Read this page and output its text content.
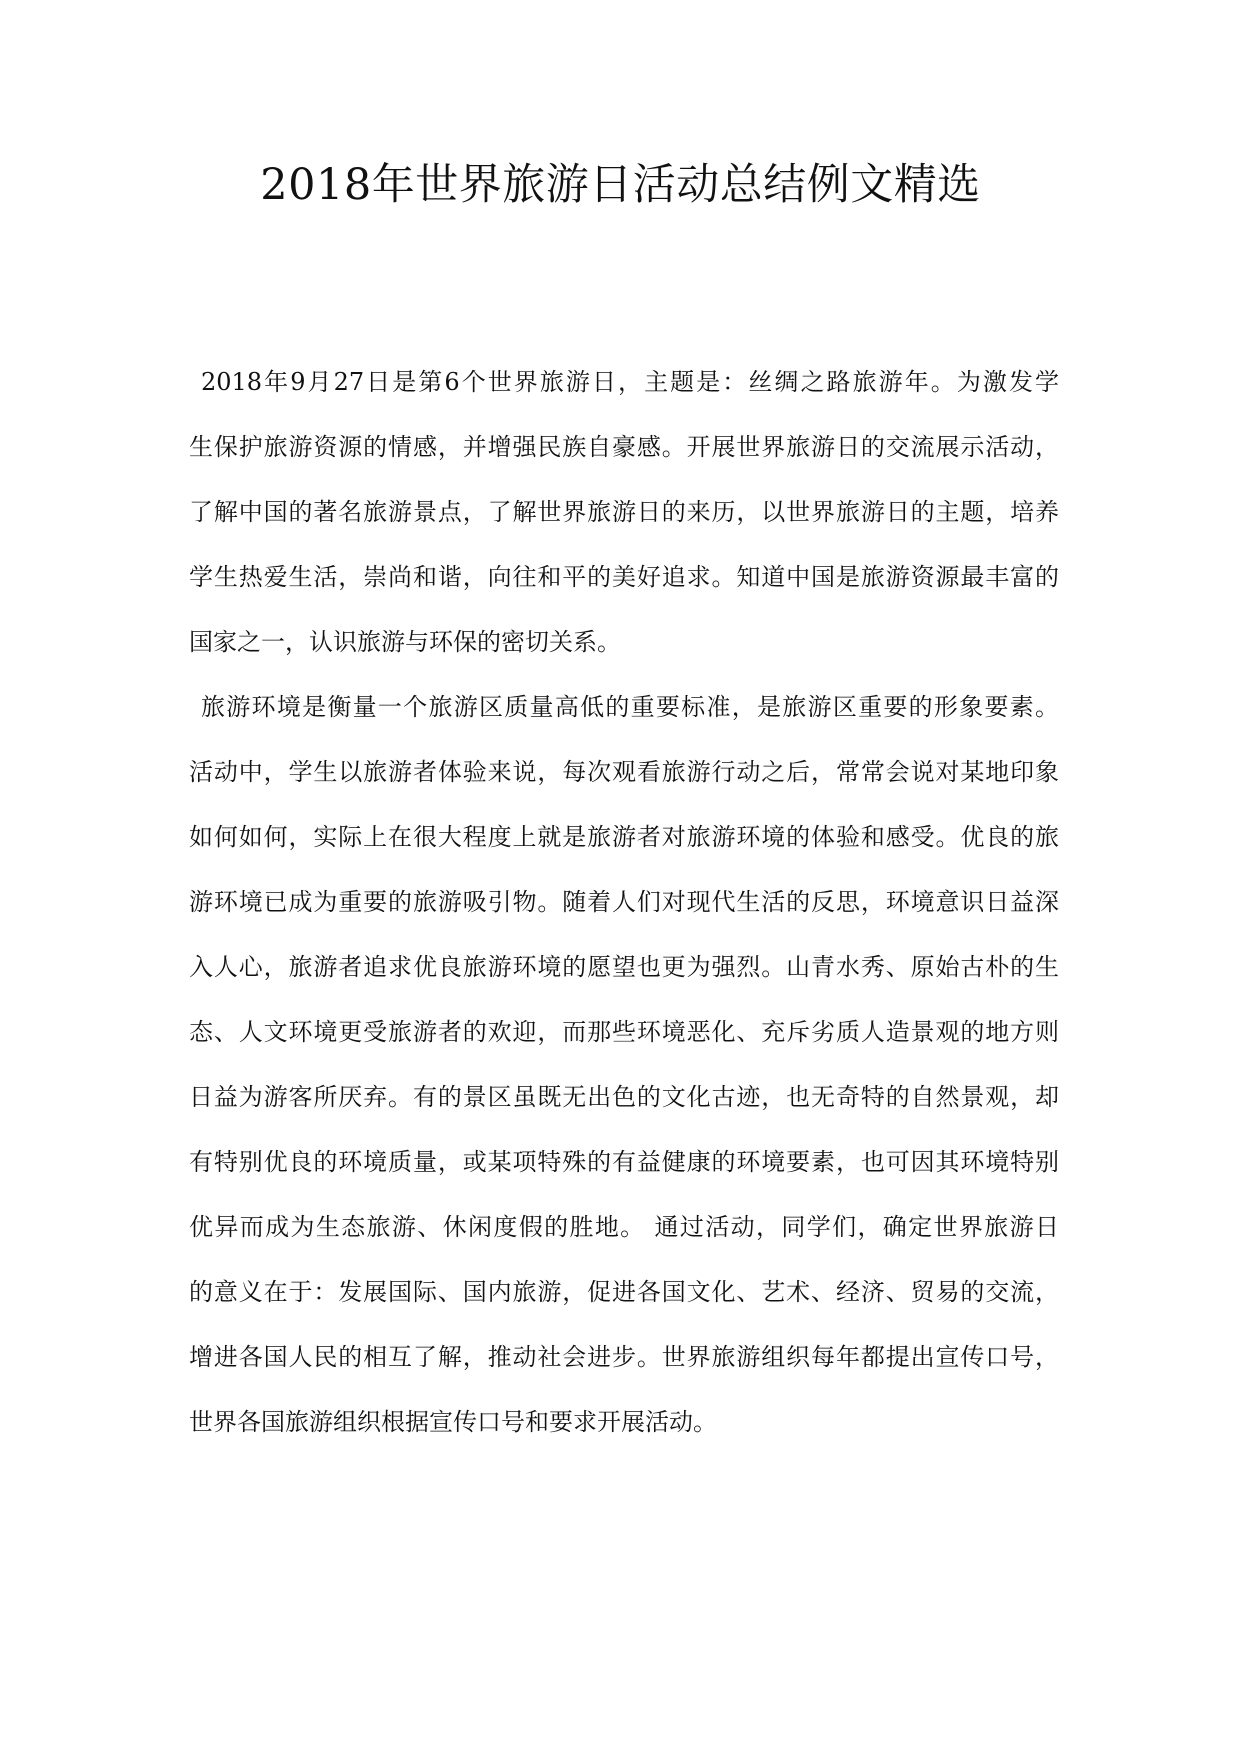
2018年世界旅游日活动总结例文精选
2018年9月27日是第6个世界旅游日，主题是：丝绸之路旅游年。为激发学
生保护旅游资源的情感，并增强民族自豪感。开展世界旅游日的交流展示活动，
了解中国的著名旅游景点，了解世界旅游日的来历，以世界旅游日的主题，培养
学生热爱生活，崇尚和谐，向往和平的美好追求。知道中国是旅游资源最丰富的
国家之一，认识旅游与环保的密切关系。
旅游环境是衡量一个旅游区质量高低的重要标准，是旅游区重要的形象要素。
活动中，学生以旅游者体验来说，每次观看旅游行动之后，常常会说对某地印象
如何如何，实际上在很大程度上就是旅游者对旅游环境的体验和感受。优良的旅
游环境已成为重要的旅游吸引物。随着人们对现代生活的反思，环境意识日益深
入人心，旅游者追求优良旅游环境的愿望也更为强烈。山青水秀、原始古朴的生
态、人文环境更受旅游者的欢迎，而那些环境恶化、充斥劣质人造景观的地方则
日益为游客所厌弃。有的景区虽既无出色的文化古迹，也无奇特的自然景观，却
有特别优良的环境质量，或某项特殊的有益健康的环境要素，也可因其环境特别
优异而成为生态旅游、休闲度假的胜地。 通过活动，同学们，确定世界旅游日
的意义在于：发展国际、国内旅游，促进各国文化、艺术、经济、贸易的交流，
增进各国人民的相互了解，推动社会进步。世界旅游组织每年都提出宣传口号，
世界各国旅游组织根据宣传口号和要求开展活动。
